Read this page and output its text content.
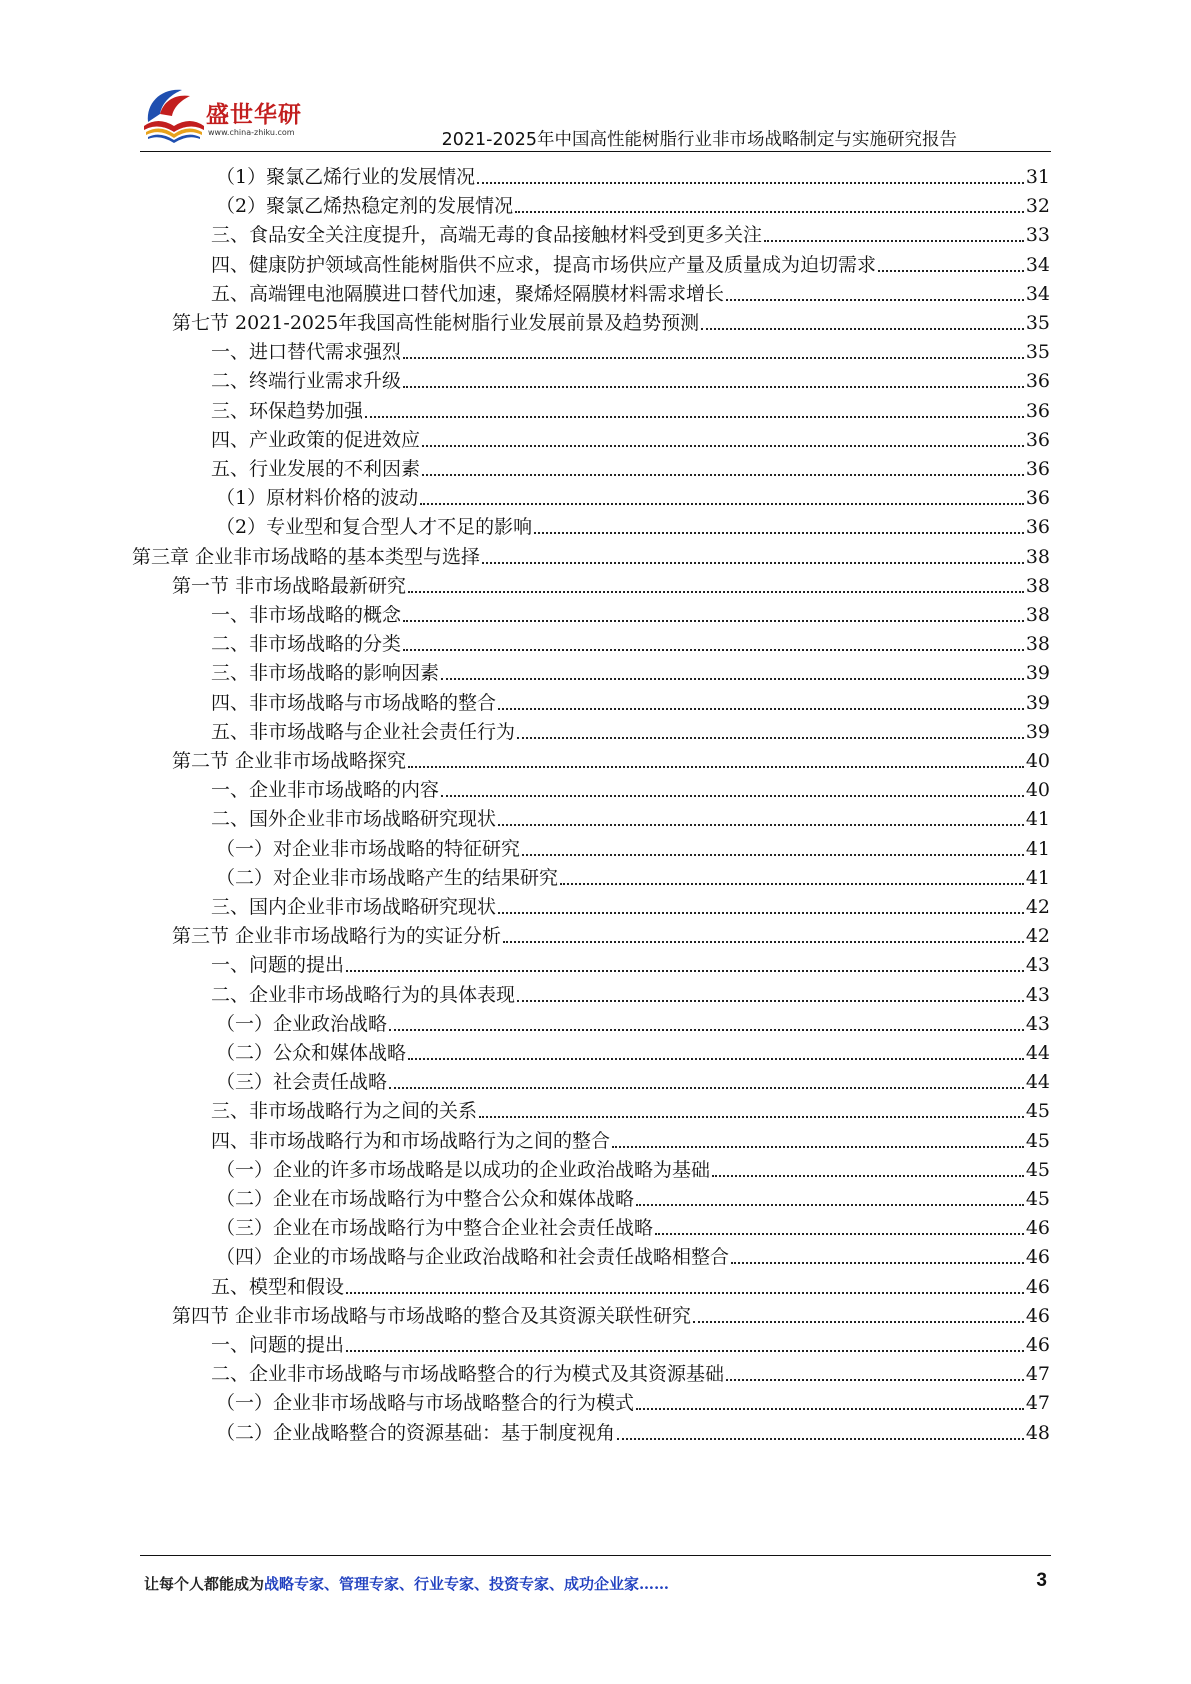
盛世华研
www.china-zhiku.com	2021-2025年中国高性能树脂行业非市场战略制定与实施研究报告
（1）聚氯乙烯行业的发展情况	31
（2）聚氯乙烯热稳定剂的发展情况	32
三、食品安全关注度提升，高端无毒的食品接触材料受到更多关注	33
四、健康防护领域高性能树脂供不应求，提高市场供应产量及质量成为迫切需求	34
五、高端锂电池隔膜进口替代加速，聚烯烃隔膜材料需求增长	34
第七节 2021-2025年我国高性能树脂行业发展前景及趋势预测	35
一、进口替代需求强烈	35
二、终端行业需求升级	36
三、环保趋势加强	36
四、产业政策的促进效应	36
五、行业发展的不利因素	36
（1）原材料价格的波动	36
（2）专业型和复合型人才不足的影响	36
第三章 企业非市场战略的基本类型与选择	38
第一节 非市场战略最新研究	38
一、非市场战略的概念	38
二、非市场战略的分类	38
三、非市场战略的影响因素	39
四、非市场战略与市场战略的整合	39
五、非市场战略与企业社会责任行为	39
第二节 企业非市场战略探究	40
一、企业非市场战略的内容	40
二、国外企业非市场战略研究现状	41
（一）对企业非市场战略的特征研究	41
（二）对企业非市场战略产生的结果研究	41
三、国内企业非市场战略研究现状	42
第三节 企业非市场战略行为的实证分析	42
一、问题的提出	43
二、企业非市场战略行为的具体表现	43
（一）企业政治战略	43
（二）公众和媒体战略	44
（三）社会责任战略	44
三、非市场战略行为之间的关系	45
四、非市场战略行为和市场战略行为之间的整合	45
（一）企业的许多市场战略是以成功的企业政治战略为基础	45
（二）企业在市场战略行为中整合公众和媒体战略	45
（三）企业在市场战略行为中整合企业社会责任战略	46
（四）企业的市场战略与企业政治战略和社会责任战略相整合	46
五、模型和假设	46
第四节 企业非市场战略与市场战略的整合及其资源关联性研究	46
一、问题的提出	46
二、企业非市场战略与市场战略整合的行为模式及其资源基础	47
（一）企业非市场战略与市场战略整合的行为模式	47
（二）企业战略整合的资源基础：基于制度视角	48
让每个人都能成为战略专家、管理专家、行业专家、投资专家、成功企业家……	3
